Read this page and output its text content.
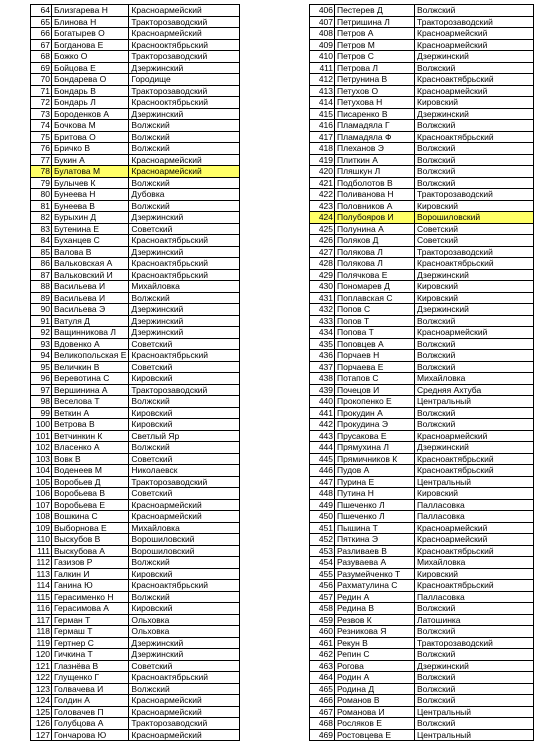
64	Близгарева Н	Красноармейский
65	Блинова Н	Тракторозаводский
66	Богатырев О	Красноармейский
67	Богданова Е	Краснооктябрьский
68	Божко О	Тракторозаводский
69	Бойцова Е	Дзержинский
70	Бондарева О	Городище
71	Бондарь В	Тракторозаводский
72	Бондарь Л	Краснооктябрьский
73	Бороденков А	Дзержинский
74	Бочкова М	Волжский
75	Бритова О	Волжский
76	Бричко В	Волжский
77	Букин А	Красноармейский
78	Булатова М	Красноармейский
79	Булычев К	Волжский
80	Бунеева Н	Дубовка
81	Бунеева В	Волжский
82	Бурыхин Д	Дзержинский
83	Бутенина Е	Советский
84	Буханцев С	Красноактябрьский
85	Валова В	Дзержинский
86	Вальковская А	Красноактябрьский
87	Вальковский И	Красноактябрьский
88	Васильева И	Михайловка
89	Васильева И	Волжский
90	Васильева Э	Дзержинский
91	Ватуля Д	Дзержинский
92	Ващинникова Л	Дзержинский
93	Вдовенко А	Советский
94	Великопольская Е	Красноактябрьский
95	Величкин В	Советский
96	Веревотина С	Кировский
97	Вершинина А	Тракторозаводский
98	Веселова Т	Волжский
99	Веткин А	Кировский
100	Ветрова В	Кировский
101	Ветчинкин К	Светлый Яр
102	Власенко А	Волжский
103	Вовк В	Советский
104	Воденеев М	Николаевск
105	Воробьев Д	Тракторозаводский
106	Воробьева В	Советский
107	Воробьева Е	Красноармейский
108	Вошкина С	Красноармейский
109	Выборнова Е	Михайловка
110	Выскубов В	Ворошиловский
111	Выскубова А	Ворошиловский
112	Газизов Р	Волжский
113	Галкин И	Кировский
114	Ганина Ю	Красноактябрьский
115	Герасименко Н	Волжский
116	Герасимова А	Кировский
117	Герман Т	Ольховка
118	Гермаш Т	Ольховка
119	Гертнер С	Дзержинский
120	Гичкина Т	Дзержинский
121	Глазнёва В	Советский
122	Глущенко Г	Красноактябрьский
123	Голвачева И	Волжский
124	Голдин А	Красноармейский
125	Головачев П	Красноармейский
126	Голубцова А	Тракторозаводский
127	Гончарова Ю	Красноармейский
406	Пестерев Д	Волжский
407	Петришина Л	Тракторозаводский
408	Петров А	Красноармейский
409	Петров М	Красноармейский
410	Петров С	Дзержинский
411	Петрова Л	Волжский
412	Петрунина В	Красноактябрьский
413	Петухов О	Красноармейский
414	Петухова Н	Кировский
415	Писаренко В	Дзержинский
416	Пламадяла Г	Волжский
417	Пламадяла Ф	Красноактябрьский
418	Плеханов Э	Волжский
419	Плиткин А	Волжский
420	Пляшкун Л	Волжский
421	Подболотов В	Волжский
422	Поливанова Н	Тракторозаводский
423	Половников А	Кировский
424	Полубояров И	Ворошиловский
425	Полунина А	Советский
426	Поляков Д	Советский
427	Полякова Л	Тракторозаводский
428	Полякова Л	Красноактябрьский
429	Полячкова Е	Дзержинский
430	Пономарев Д	Кировский
431	Поплавская С	Кировский
432	Попов С	Дзержинский
433	Попов Т	Волжский
434	Попова Т	Красноармейский
435	Поповцев А	Волжский
436	Порчаев Н	Волжский
437	Порчаева Е	Волжский
438	Потапов С	Михайловка
439	Почецов И	Средняя Ахтуба
440	Прокопенко Е	Центральный
441	Прокудин А	Волжский
442	Прокудина Э	Волжский
443	Прусакова Е	Красноармейский
444	Прямухина Л	Дзержинский
445	Прямичников К	Красноактябрьский
446	Пудов А	Красноактябрьский
447	Пурина Е	Центральный
448	Путина Н	Кировский
449	Пшеченко Л	Палласовка
450	Пшеченко Л	Палласовка
451	Пышина Т	Красноармейский
452	Пяткина Э	Красноармейский
453	Разливаев В	Красноактябрьский
454	Разуваева А	Михайловка
455	Разумейченко Т	Кировский
456	Рахматулина С	Красноактябрьский
457	Редин А	Палласовка
458	Редина В	Волжский
459	Резвов К	Латошинка
460	Резникова Я	Волжский
461	Рекун В	Тракторозаводский
462	Репин С	Волжский
463	Рогова	Дзержинский
464	Родин А	Волжский
465	Родина Д	Волжский
466	Романов В	Волжский
467	Романова И	Центральный
468	Росляков Е	Волжский
469	Ростовцева Е	Центральный
